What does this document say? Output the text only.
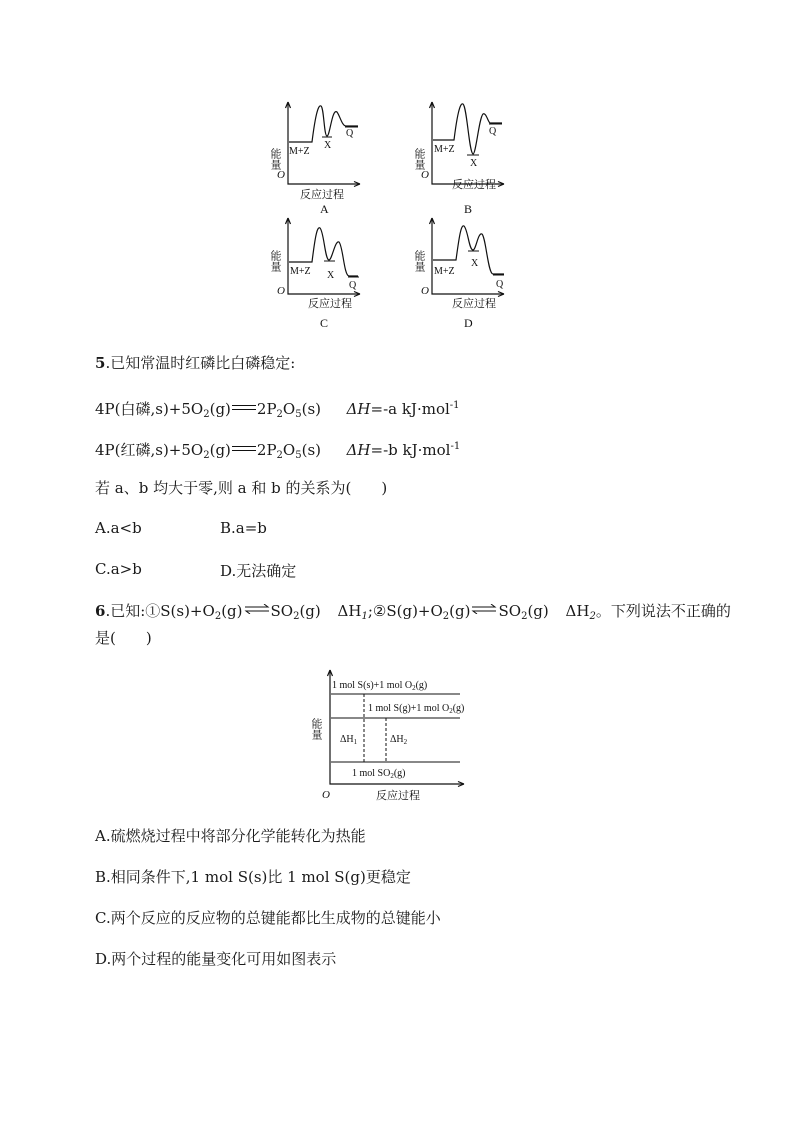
能量
O
反应过程
M+Z
X
Q
A
能量
O
反应过程
M+Z
X
Q
B
能量
O
反应过程
M+Z X
Q
C
能量
O
反应过程
M+Z
X
Q
D
5.已知常温时红磷比白磷稳定:
4P(白磷$,s)+5O_2(g)$ $2P_2O_5(s)$ ΔH=-a kJ·mol$^{-1}$
4P(红磷$,s)+5O_2(g)$ $2P_2O_5(s)$ ΔH=-b kJ·mol$^{-1}$
若 a、b 均大于零,则 a 和 b 的关系为(　　)
A.a<b	B.a=b
C.a>b	D.无法确定
6.已知$:①S(s)+O_2(g)\rightleftharpoons SO_2(g)$ $\Delta H_1;②S(g)+O_2(g)\rightleftharpoons SO_2(g)$ $\Delta H_2$。下列说法不正确的
是(　　)
能量
O	反应过程
1 mol S(s)+1 mol $O_2(g)$
1 mol S(g)+1 mol $O_2(g)$
$\Delta H_1$	$\Delta H_2$
1 mol $SO_2(g)$
A.硫燃烧过程中将部分化学能转化为热能
B.相同条件下,1 mol S(s)比 1 mol S(g)更稳定
C.两个反应的反应物的总键能都比生成物的总键能小
D.两个过程的能量变化可用如图表示
